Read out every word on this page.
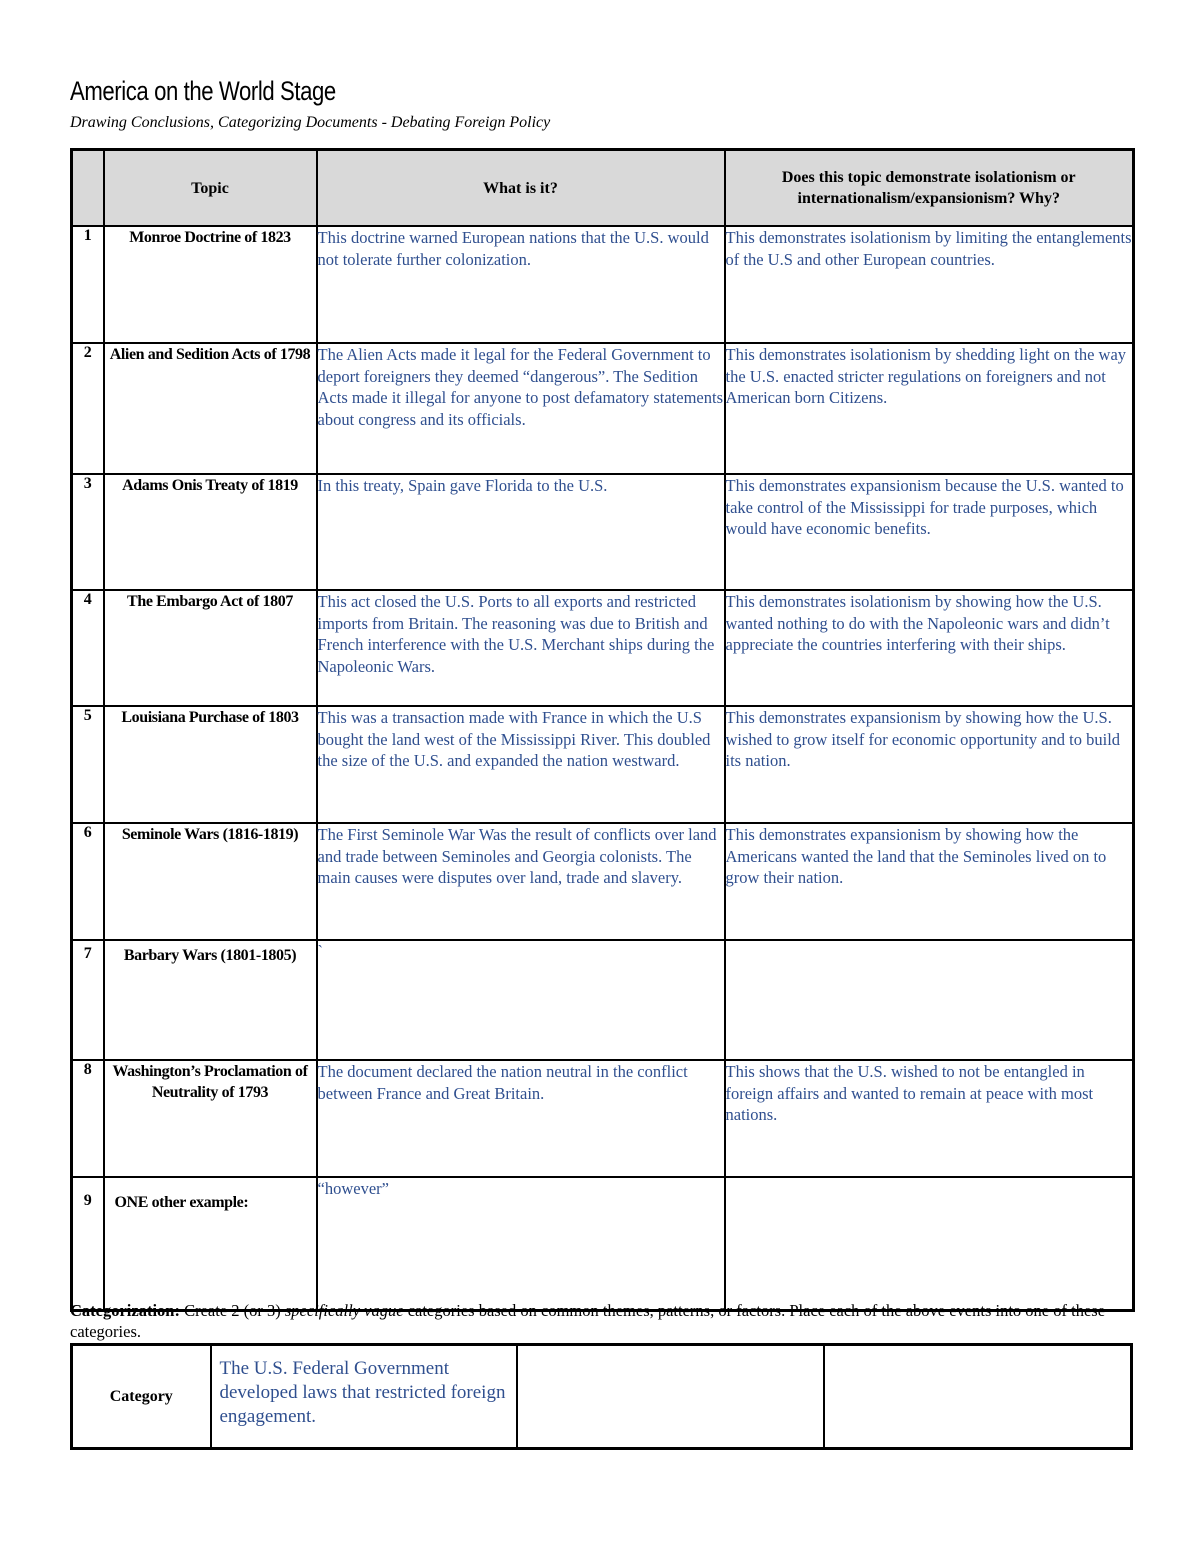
America on the World Stage
Drawing Conclusions, Categorizing Documents - Debating Foreign Policy
	Topic	What is it?	Does this topic demonstrate isolationism or internationalism/expansionism? Why?
1	Monroe Doctrine of 1823	This doctrine warned European nations that the U.S. would not tolerate further colonization.	This demonstrates isolationism by limiting the entanglements of the U.S and other European countries.
2	Alien and Sedition Acts of 1798	The Alien Acts made it legal for the Federal Government to deport foreigners they deemed “dangerous”. The Sedition Acts made it illegal for anyone to post defamatory statements about congress and its officials.	This demonstrates isolationism by shedding light on the way the U.S. enacted stricter regulations on foreigners and not American born Citizens.
3	Adams Onis Treaty of 1819	In this treaty, Spain gave Florida to the U.S.	This demonstrates expansionism because the U.S. wanted to take control of the Mississippi for trade purposes, which would have economic benefits.
4	The Embargo Act of 1807	This act closed the U.S. Ports to all exports and restricted imports from Britain. The reasoning was due to British and French interference with the U.S. Merchant ships during the Napoleonic Wars.	This demonstrates isolationism by showing how the U.S. wanted nothing to do with the Napoleonic wars and didn’t appreciate the countries interfering with their ships.
5	Louisiana Purchase of 1803	This was a transaction made with France in which the U.S bought the land west of the Mississippi River. This doubled the size of the U.S. and expanded the nation westward.	This demonstrates expansionism by showing how the U.S. wished to grow itself for economic opportunity and to build its nation.
6	Seminole Wars (1816-1819)	The First Seminole War Was the result of conflicts over land and trade between Seminoles and Georgia colonists. The main causes were disputes over land, trade and slavery.	This demonstrates expansionism by showing how the Americans wanted the land that the Seminoles lived on to grow their nation.
7	Barbary Wars (1801-1805)	`	
8	Washington’s Proclamation of Neutrality of 1793	The document declared the nation neutral in the conflict between France and Great Britain.	This shows that the U.S. wished to not be entangled in foreign affairs and wanted to remain at peace with most nations.
9	ONE other example:	“however”	
Categorization: Create 2 (or 3) specifically vague categories based on common themes, patterns, or factors. Place each of the above events into one of these categories.
Category	The U.S. Federal Government developed laws that restricted foreign engagement.		
